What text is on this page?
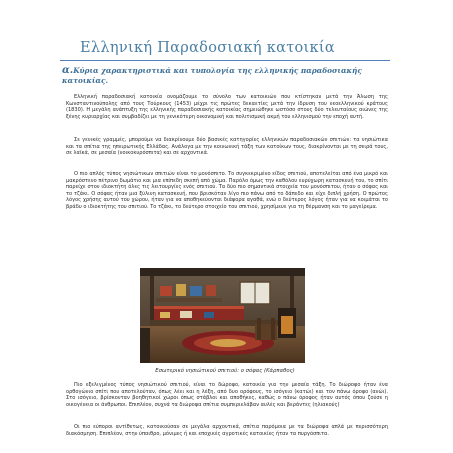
Ελληνική Παραδοσιακή κατοικία
α.Κύρια χαρακτηριστικά και τυπολογία της ελληνικής παραδοσιακής κατοικίας.
Ελληνική παραδοσιακή κατοικία ονομάζουμε το σύνολο των κατοικιών που κτίστηκαν μετά την Άλωση της Κωνσταντινούπολης από τους Τούρκους (1453) μέχρι τις πρώτες δεκαετίες μετά την ίδρυση του νεοελληνικού κράτους (1830). Η μεγάλη ανάπτυξη της ελληνικής παραδοσιακής κατοικίας σημειώθηκε ωστόσο στους δύο τελευταίους αιώνες της ξένης κυριαρχίας και συμβαδίζει με τη γενικότερη οικονομική και πολιτισμική ακμή του ελληνισμού την εποχή αυτή.
Σε γενικές γραμμές, μπορούμε να διακρίνουμε δύο βασικές κατηγορίες ελληνικών παραδοσιακών σπιτιών: τα νησιώτικα και τα σπίτια της ηπειρωτικής Ελλάδας. Ανάλογα με την κοινωνική τάξη των κατοίκων τους, διακρίνονται με τη σειρά τους, σε λαϊκά, σε μεσαία (νοικοκυρόσπιτα) και σε αρχοντικά.
Ο πιο απλός τύπος νησιώτικων σπιτιών είναι το μονόσπιτο. Το συγκεκριμένο είδος σπιτιού, αποτελείται από ένα μικρό και μακρόστενο πέτρινο δωμάτιο και μια επίπεδη σκεπή από χώμα. Παρόλο όμως την καθόλου ευρύχωρη κατασκευή του, το σπίτι παρείχε στον ιδιοκτήτη όλες τις λειτουργίες ενός σπιτιού. Τα δύο πιο σημαντικά στοιχεία του μονόσπιτου, ήταν ο σόφας και το τζάκι. Ο σόφας ήταν μια ξύλινη κατασκευή, που βρισκόταν λίγο πιο πάνω από το δάπεδο και είχε διπλή χρήση. Ο πρώτος λόγος χρήσης αυτού του χώρου, ήταν για να αποθηκεύονται διάφορα αγαθά, ενώ ο δεύτερος λόγος ήταν για να κοιμάται το βράδυ ο ιδιοκτήτης του σπιτιού. Το τζάκι, το δεύτερο στοιχείο του σπιτιού, χρησίμευε για τη θέρμανση και το μαγείρεμα.
Εσωτερικό νησιώτικού σπιτιού: ο σόφας (Κάρπαθος)
Πιο εξελιγμένος τύπος νησιώτικού σπιτιού, είναι το δώροφο, κατοικία για την μεσαία τάξη. Το διώροφο ήταν ένα ορθογώνιο σπίτι που αποτελούταν, όπως λέει και η λέξη, από δυο ορόφους, το ισόγειο (κατώι) και τον πάνω όροφο (ανώι). Στο ισόγειο, βρίσκονταν βοηθητικοί χώροι όπως στάβλοι και αποθήκες, καθώς ο πάνω όροφος ήταν αυτός όπου ζούσε η οικογένεια οι άνθρωποι. Επιπλέον, συχνά τα διώροφα σπίτια συμπεριελάβαν αυλές και βεράντες (ηλιακούς)
Οι πιο εύποροι αντίθετως, κατοικούσαν σε μεγάλα αρχοντικά, σπίτια παρόμοια με τα διώροφα απλά με περισσότερη διακόσμηση. Επιπλέον, στην ύπαιθρο, μόνιμες ή και εποχικές αγροτικές κατοικίες ήταν τα πυργόσπιτα.
